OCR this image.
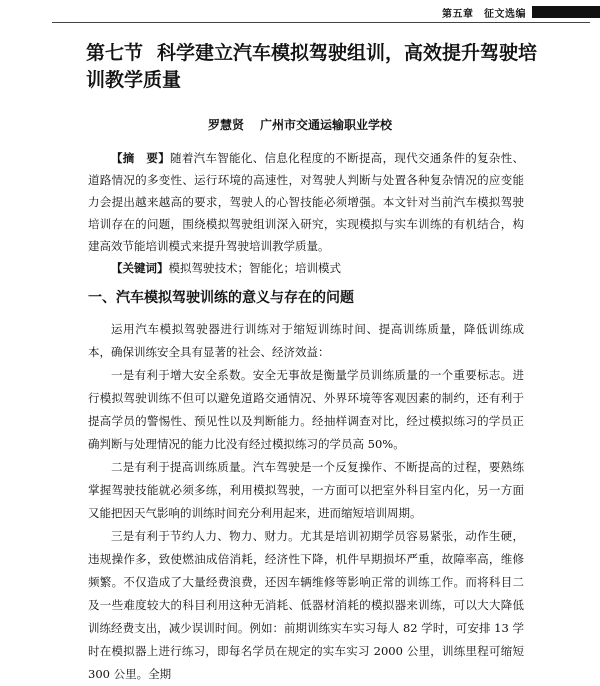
第五章　征文选编
第七节 科学建立汽车模拟驾驶组训，高效提升驾驶培训教学质量
罗慧贤 广州市交通运输职业学校
【摘　要】随着汽车智能化、信息化程度的不断提高，现代交通条件的复杂性、道路情况的多变性、运行环境的高速性，对驾驶人判断与处置各种复杂情况的应变能力会提出越来越高的要求，驾驶人的心智技能必须增强。本文针对当前汽车模拟驾驶培训存在的问题，围绕模拟驾驶组训深入研究，实现模拟与实车训练的有机结合，构建高效节能培训模式来提升驾驶培训教学质量。
【关键词】模拟驾驶技术；智能化；培训模式
一、汽车模拟驾驶训练的意义与存在的问题

运用汽车模拟驾驶器进行训练对于缩短训练时间、提高训练质量，降低训练成本，确保训练安全具有显著的社会、经济效益：

一是有利于增大安全系数。安全无事故是衡量学员训练质量的一个重要标志。进行模拟驾驶训练不但可以避免道路交通情况、外界环境等客观因素的制约，还有利于提高学员的警惕性、预见性以及判断能力。经抽样调查对比，经过模拟练习的学员正确判断与处理情况的能力比没有经过模拟练习的学员高 50%。

二是有利于提高训练质量。汽车驾驶是一个反复操作、不断提高的过程，要熟练掌握驾驶技能就必须多练，利用模拟驾驶，一方面可以把室外科目室内化，另一方面又能把因天气影响的训练时间充分利用起来，进而缩短培训周期。

三是有利于节约人力、物力、财力。尤其是培训初期学员容易紧张，动作生硬，违规操作多，致使燃油成倍消耗，经济性下降，机件早期损坏严重，故障率高，维修频繁。不仅造成了大量经费浪费，还因车辆维修等影响正常的训练工作。而将科目二及一些难度较大的科目利用这种无消耗、低器材消耗的模拟器来训练，可以大大降低训练经费支出，减少误训时间。例如：前期训练实车实习每人 82 学时，可安排 13 学时在模拟器上进行练习，即每名学员在规定的实车实习 2000 公里，训练里程可缩短 300 公里。全期
